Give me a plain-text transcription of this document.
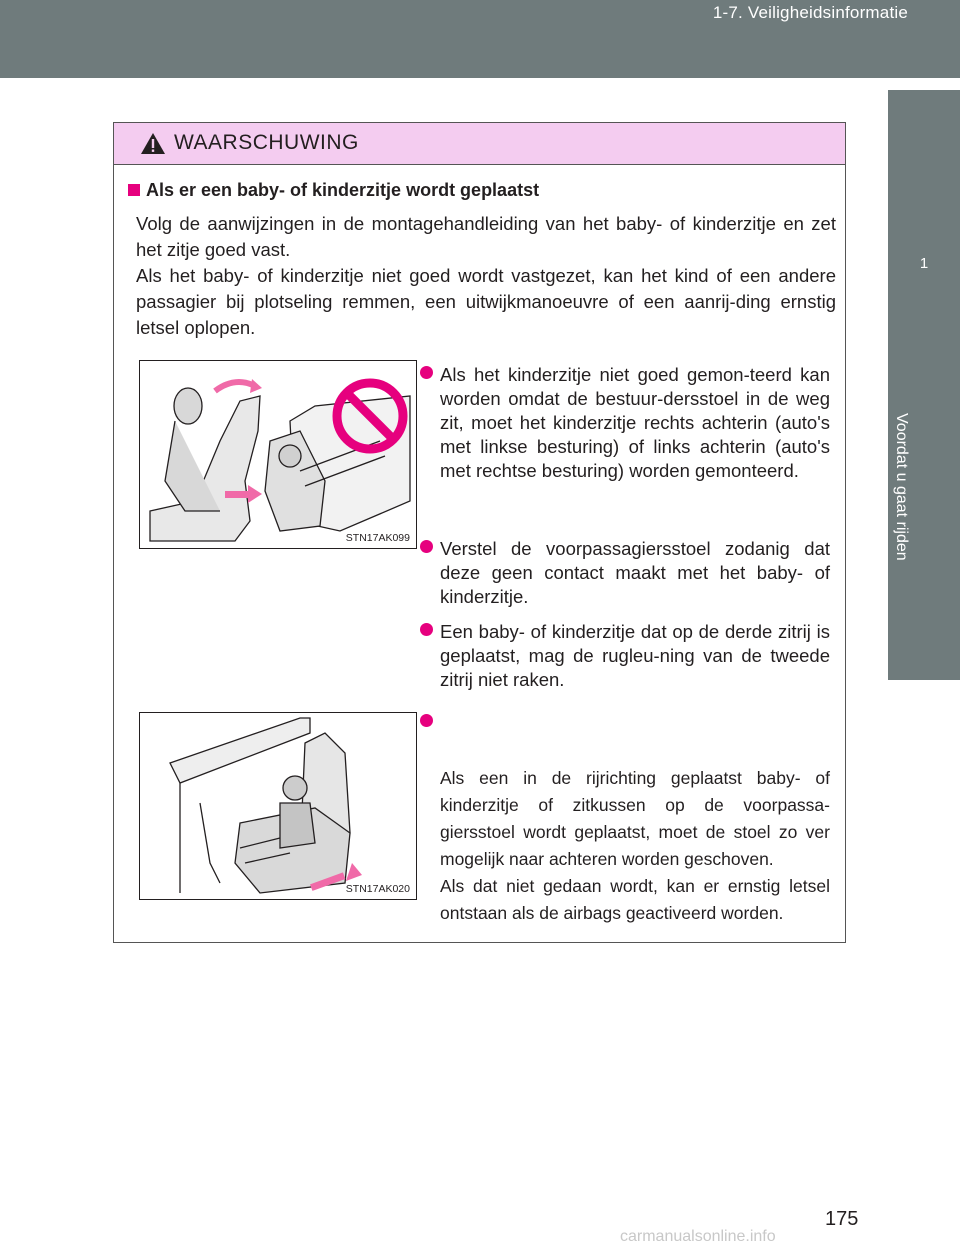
1-7. Veiligheidsinformatie
1
Voordat u gaat rijden
WAARSCHUWING
Als er een baby- of kinderzitje wordt geplaatst
Volg de aanwijzingen in de montagehandleiding van het baby- of kinderzitje en zet het zitje goed vast.
Als het baby- of kinderzitje niet goed wordt vastgezet, kan het kind of een andere passagier bij plotseling remmen, een uitwijkmanoeuvre of een aanrij-ding ernstig letsel oplopen.
STN17AK099
STN17AK020
Als het kinderzitje niet goed gemon-teerd kan worden omdat de bestuur-dersstoel in de weg zit, moet het kinderzitje rechts achterin (auto's met linkse besturing) of links achterin (auto's met rechtse besturing) worden gemonteerd.
Verstel de voorpassagiersstoel zodanig dat deze geen contact maakt met het baby- of kinderzitje.
Een baby- of kinderzitje dat op de derde zitrij is geplaatst, mag de rugleu-ning van de tweede zitrij niet raken.

Als een in de rijrichting geplaatst baby- of kinderzitje of zitkussen op de voorpassa-giersstoel wordt geplaatst, moet de stoel zo ver mogelijk naar achteren worden geschoven.
Als dat niet gedaan wordt, kan er ernstig letsel ontstaan als de airbags geactiveerd worden.

175
carmanualsonline.info
